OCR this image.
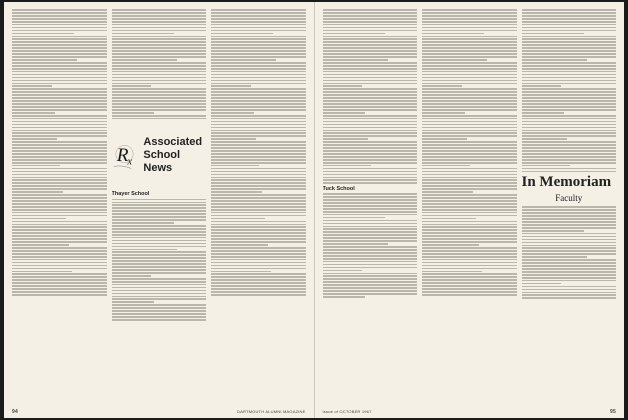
R
x
Associated School News
Thayer School

94	DARTMOUTH ALUMNI MAGAZINE

Tuck School	In Memoriam
Faculty

Issue of OCTOBER 1967	95
